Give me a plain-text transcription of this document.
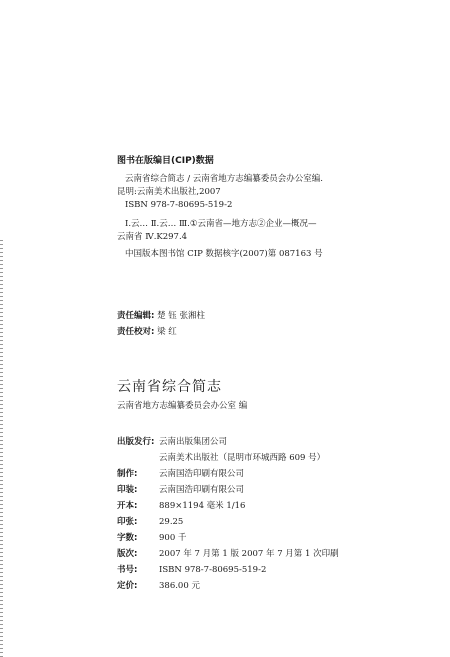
图书在版编目(CIP)数据
云南省综合简志 / 云南省地方志编纂委员会办公室编.
昆明:云南美术出版社,2007
ISBN 978-7-80695-519-2
Ⅰ.云… Ⅱ.云… Ⅲ.①云南省—地方志②企业—概况—
云南省 Ⅳ.K297.4
中国版本图书馆 CIP 数据核字(2007)第 087163 号
责任编辑: 楚 钰 张湘柱
责任校对: 梁 红
云南省综合简志
云南省地方志编纂委员会办公室 编
出版发行: 云南出版集团公司
云南美术出版社（昆明市环城西路 609 号）
制作:	云南国浩印刷有限公司
印装:	云南国浩印刷有限公司
开本:	889×1194 毫米 1/16
印张:	29.25
字数:	900 千
版次:	2007 年 7 月第 1 版 2007 年 7 月第 1 次印刷
书号:	ISBN 978-7-80695-519-2
定价:	386.00 元
